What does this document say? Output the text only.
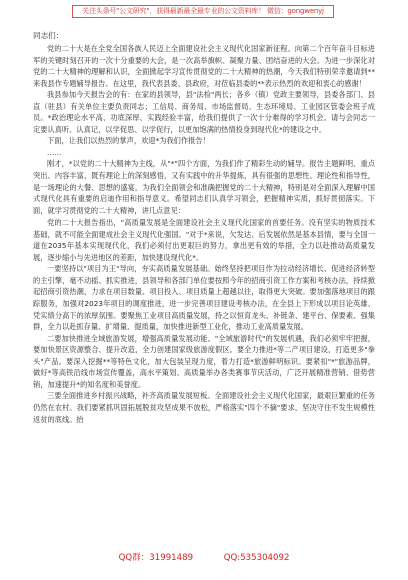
关注头条号"公文研究"，获得最新最全最专业的公文资料库！ 微信：gongwenyj
同志们：

党的二十大是在全党全国各族人民迈上全面建设社会主义现代化国家新征程、向第二个百年奋斗目标进军的关键时刻召开的一次十分重要的大会，是一次高举旗帜、凝聚力量、团结奋进的大会。为进一步深化对党的二十大精神的理解和认识，全面掀起学习宣传贯彻党的二十大精神的热潮，今天我们特别荣幸邀请到**来我县作专题辅导报告。在这里，我代表县委、县政府，对莅临县委的**表示热烈的欢迎和衷心的感谢！

我县参加今天报告会的有：在家的县领导，县"法检"两长；各乡（镇）党政主要领导，县委各部门、县直（驻县）有关单位主要负责同志；工信局、商务局、市场监督局、生态环境局、工业园区管委会班子成员。*政治理论水平高、功底深厚、实践经验丰富，给我们提供了一次十分难得的学习机会。请与会同志一定要认真听、认真记，以学促思、以学促行，以更加饱满的热情投身到现代化*的建设之中。

下面，让我们以热烈的掌声，欢迎*为我们作报告！

……

刚才，*以党的二十大精神为主线，从"*"四个方面，为我们作了精彩生动的辅导。报告主题鲜明、重点突出、内容丰富，既有理论上的深刻感悟，又有实践中的升华提炼，具有很强的思想性、理论性和指导性，是一场理论的大餐、思想的盛宴，为我们全面领会和准确把握党的二十大精神，特别是对全面深入理解中国式现代化具有重要的启迪作用和指导意义。希望同志们认真学习领会，把握精神实质，抓好贯彻落实。下面，就学习贯彻党的二十大精神，讲几点意见：

党的二十大报告指出，"高质量发展是全面建设社会主义现代化国家的首要任务。没有坚实的物质技术基础，就不可能全面建成社会主义现代化强国。"对于*来说，欠发达、后发展依然是基本县情，要与全国一道在2035年基本实现现代化，我们必须付出更艰巨的努力，拿出更有效的举措，全力以赴推动高质量发展，逐步缩小与先进地区的差距，加快建设现代化*。

一要坚持以"项目为王"导向，夯实高质量发展基础。始终坚持把项目作为拉动经济增长、促进经济转型的主引擎，毫不动摇、抓实推进，县领导和各部门单位要按照今年的招商引资工作方案和考核办法，持续掀起招商引资热潮，力求在项目数量、项目投入、项目质量上超越以往，取得更大突破。要加强落地项目的跟踪服务，加强对2023年项目的调度推进，进一步完善项目建设考核办法，在全县上下形成以项目论英雄、凭实绩分高下的浓厚氛围。要聚焦工业项目高质量发展，持之以恒育龙头、补链条、建平台、保要素、强集群，全力以赴抓存量、扩增量、提质量，加快推进新型工业化，推动工业高质量发展。

二要加快推进全域旅游发展，增强高质量发展动能。"全域旅游时代"的发展机遇，我们必须牢牢把握，要加快景区资源整合、提升改造，全力创建国家级旅游度假区。要全力推进*等二产项目建设，打造更多"拳头"产品。要深入挖掘**等特色文化，加大包装呈现力度，着力打造*旅游鲜明标识。要紧扣"*"旅游品牌，做好*等高铁沿线市场宣传覆盖，高水平策划、高质量举办各类赛事节庆活动，广泛开展精准营销、借势营销，加速提升*的知名度和美誉度。

三要全面推进乡村振兴战略，补齐高质量发展短板。全面建设社会主义现代化国家，最艰巨繁重的任务仍然在农村。我们要紧抓巩固拓展脱贫攻坚成果不放松，严格落实"四个不摘"要求，坚决守住不发生规模性返贫的底线。抬

QQ群：31991489	QQ:535304092
